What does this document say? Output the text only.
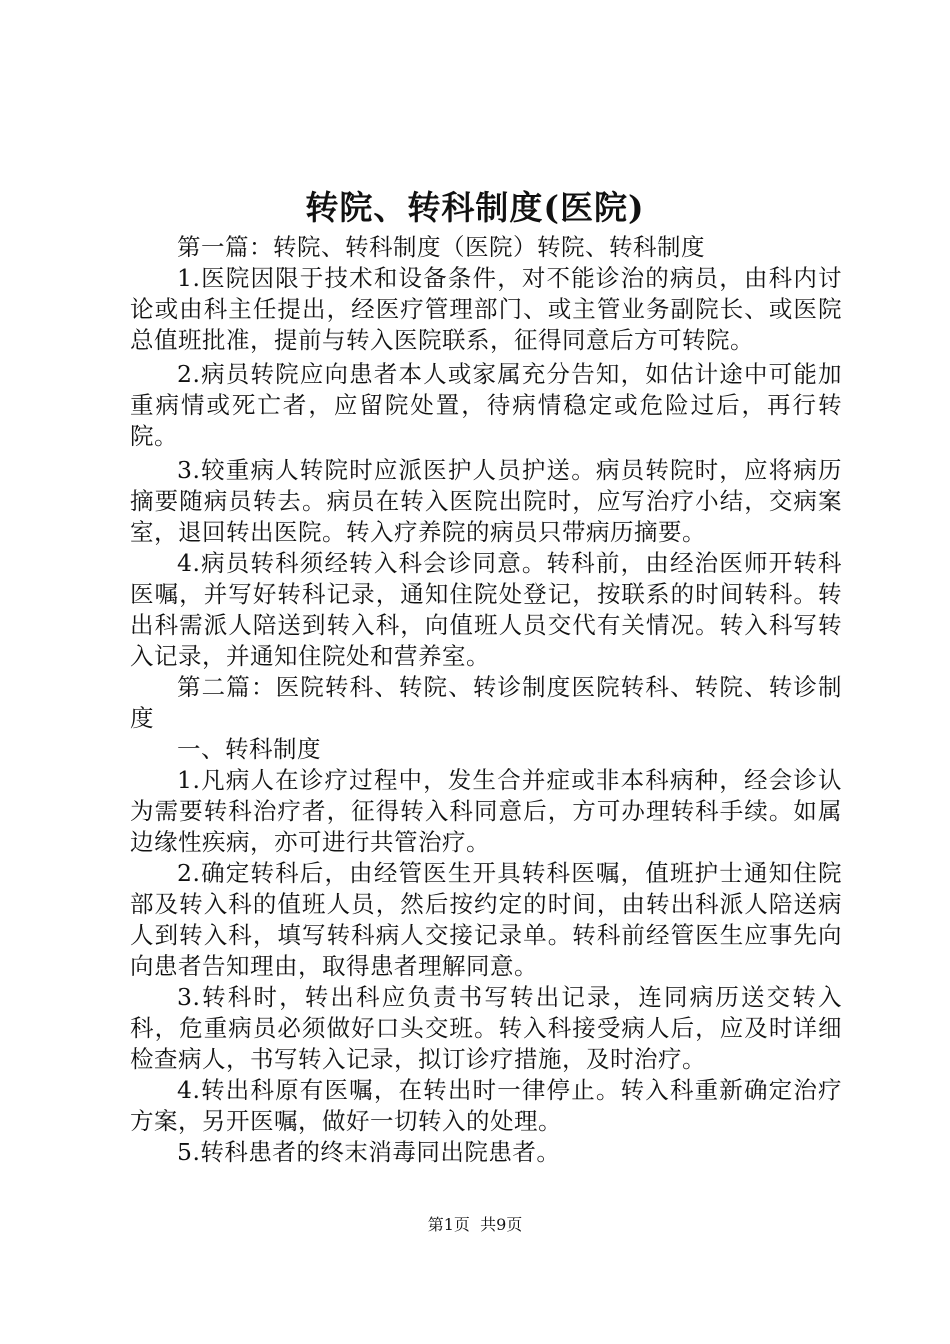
转院、转科制度(医院)

第一篇：转院、转科制度（医院）转院、转科制度

1.医院因限于技术和设备条件，对不能诊治的病员，由科内讨论或由科主任提出，经医疗管理部门、或主管业务副院长、或医院总值班批准，提前与转入医院联系，征得同意后方可转院。

2.病员转院应向患者本人或家属充分告知，如估计途中可能加重病情或死亡者，应留院处置，待病情稳定或危险过后，再行转院。

3.较重病人转院时应派医护人员护送。病员转院时，应将病历摘要随病员转去。病员在转入医院出院时，应写治疗小结，交病案室，退回转出医院。转入疗养院的病员只带病历摘要。

4.病员转科须经转入科会诊同意。转科前，由经治医师开转科医嘱，并写好转科记录，通知住院处登记，按联系的时间转科。转出科需派人陪送到转入科，向值班人员交代有关情况。转入科写转入记录，并通知住院处和营养室。

第二篇：医院转科、转院、转诊制度医院转科、转院、转诊制度

一、转科制度

1.凡病人在诊疗过程中，发生合并症或非本科病种，经会诊认为需要转科治疗者，征得转入科同意后，方可办理转科手续。如属边缘性疾病，亦可进行共管治疗。

2.确定转科后，由经管医生开具转科医嘱，值班护士通知住院部及转入科的值班人员，然后按约定的时间，由转出科派人陪送病人到转入科，填写转科病人交接记录单。转科前经管医生应事先向向患者告知理由，取得患者理解同意。

3.转科时，转出科应负责书写转出记录，连同病历送交转入科，危重病员必须做好口头交班。转入科接受病人后，应及时详细检查病人，书写转入记录，拟订诊疗措施，及时治疗。

4.转出科原有医嘱，在转出时一律停止。转入科重新确定治疗方案，另开医嘱，做好一切转入的处理。

5.转科患者的终末消毒同出院患者。

第1页 共9页
